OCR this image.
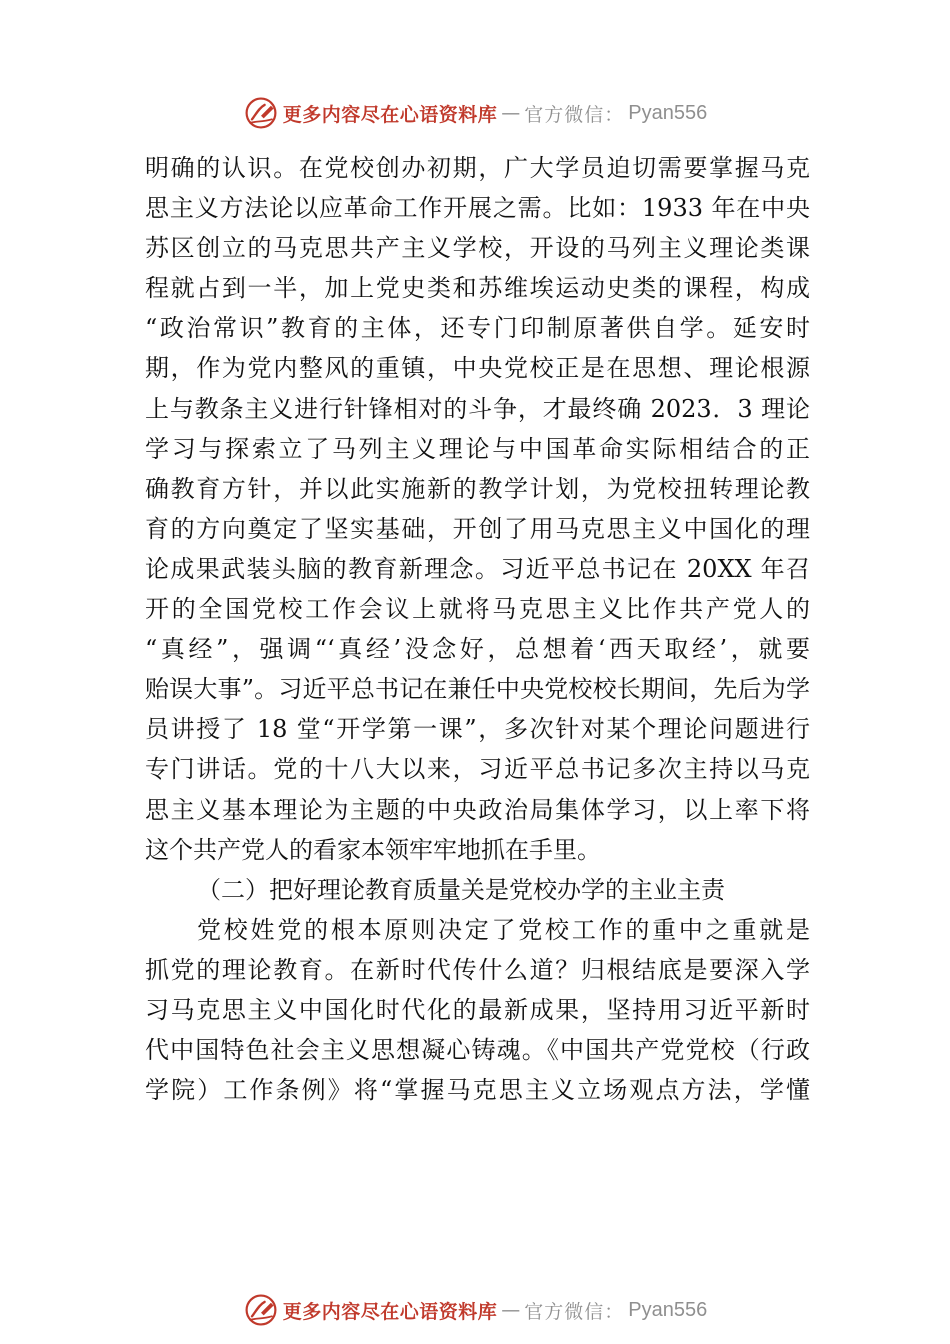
更多内容尽在心语资料库 — 官方微信： Pyan556
明确的认识。在党校创办初期，广大学员迫切需要掌握马克
思主义方法论以应革命工作开展之需。比如：1933 年在中央
苏区创立的马克思共产主义学校，开设的马列主义理论类课
程就占到一半，加上党史类和苏维埃运动史类的课程，构成
“政治常识”教育的主体，还专门印制原著供自学。延安时
期，作为党内整风的重镇，中央党校正是在思想、理论根源
上与教条主义进行针锋相对的斗争，才最终确 2023．3 理论
学习与探索立了马列主义理论与中国革命实际相结合的正
确教育方针，并以此实施新的教学计划，为党校扭转理论教
育的方向奠定了坚实基础，开创了用马克思主义中国化的理
论成果武装头脑的教育新理念。习近平总书记在 20XX 年召
开的全国党校工作会议上就将马克思主义比作共产党人的
“真经”，强调“‘真经’没念好，总想着‘西天取经’，就要
贻误大事”。习近平总书记在兼任中央党校校长期间，先后为学
员讲授了 18 堂“开学第一课”，多次针对某个理论问题进行
专门讲话。党的十八大以来，习近平总书记多次主持以马克
思主义基本理论为主题的中央政治局集体学习，以上率下将
这个共产党人的看家本领牢牢地抓在手里。
（二）把好理论教育质量关是党校办学的主业主责
党校姓党的根本原则决定了党校工作的重中之重就是
抓党的理论教育。在新时代传什么道？归根结底是要深入学
习马克思主义中国化时代化的最新成果，坚持用习近平新时
代中国特色社会主义思想凝心铸魂。《中国共产党党校（行政
学院）工作条例》将“掌握马克思主义立场观点方法，学懂
更多内容尽在心语资料库 — 官方微信： Pyan556
